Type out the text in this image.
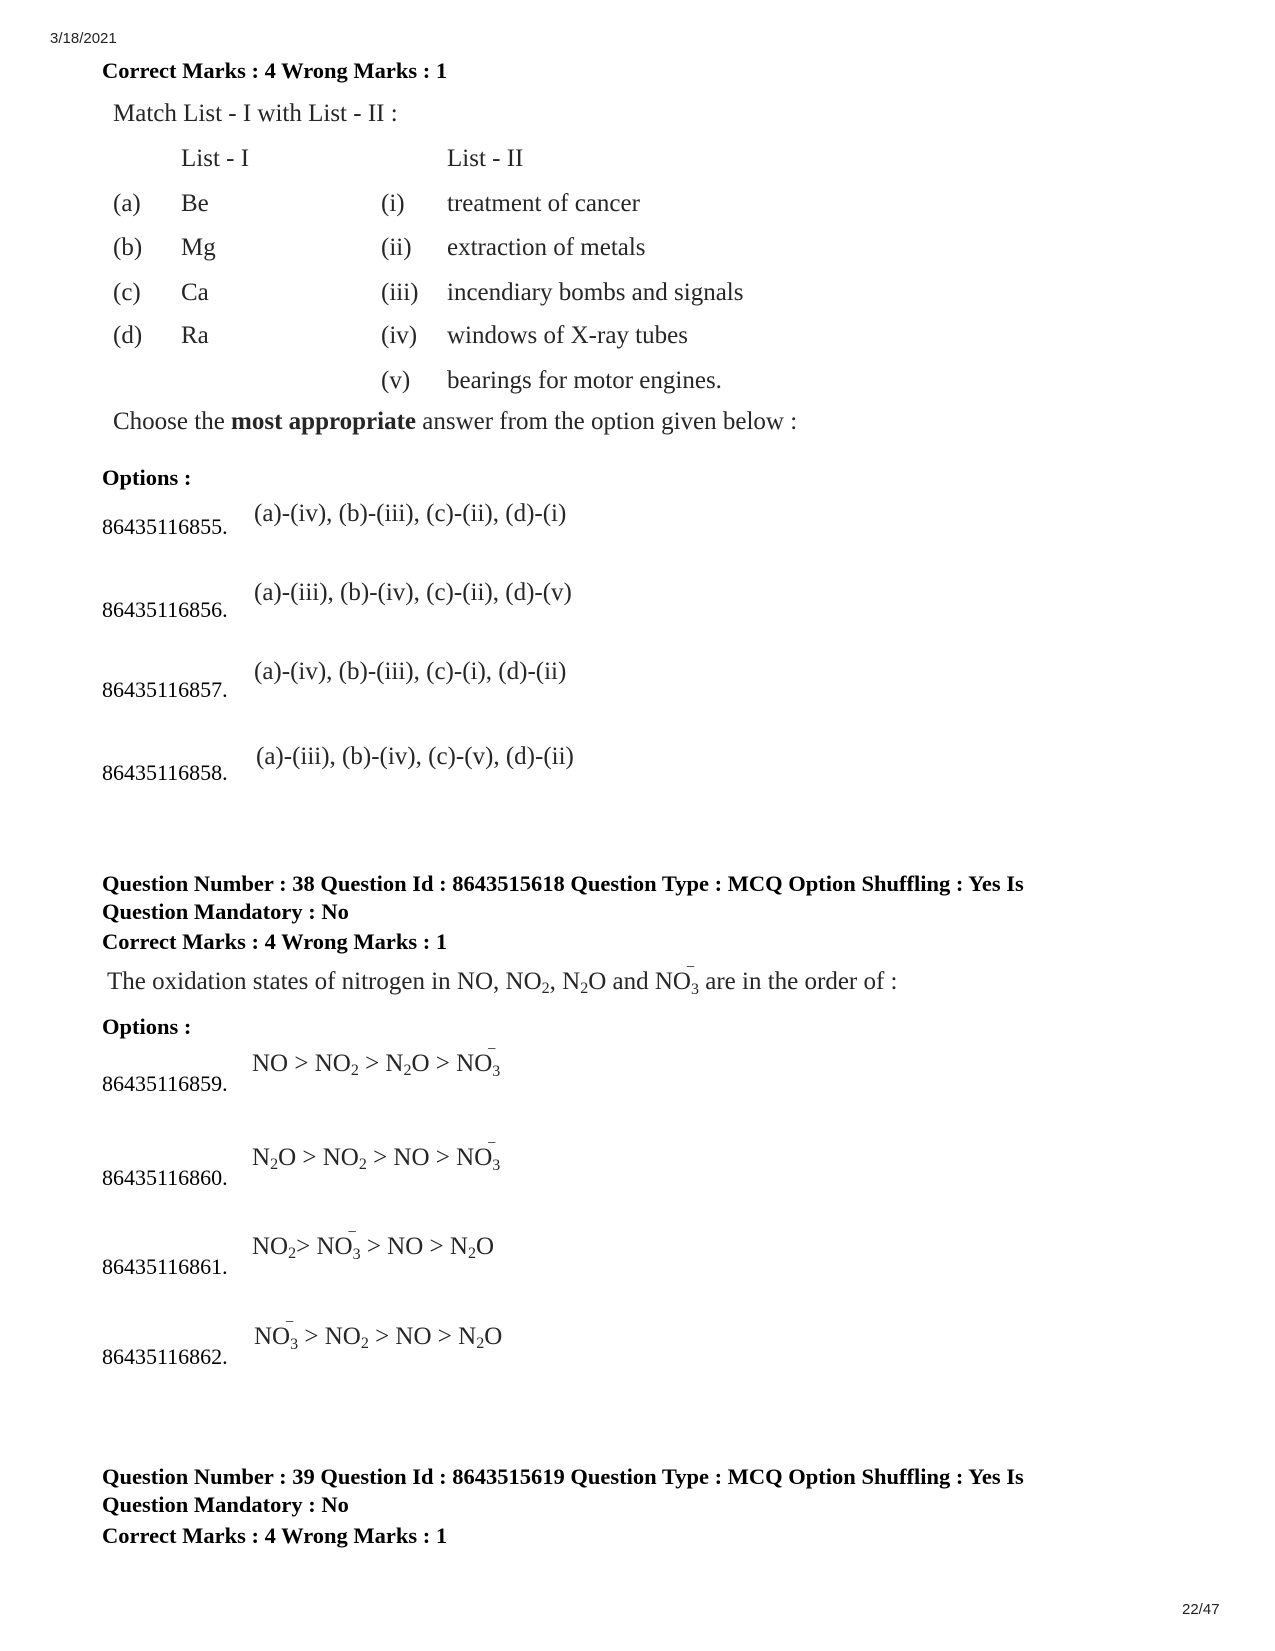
3/18/2021
Correct Marks : 4 Wrong Marks : 1
Match List - I with List - II :
List - I	List - II
(a) Be
(b) Mg
(c) Ca
(d) Ra
(i) treatment of cancer
(ii) extraction of metals
(iii) incendiary bombs and signals
(iv) windows of X-ray tubes
(v) bearings for motor engines.
Choose the most appropriate answer from the option given below :
Options :
86435116855. (a)-(iv), (b)-(iii), (c)-(ii), (d)-(i)
86435116856.
(a)-(iii), (b)-(iv), (c)-(ii), (d)-(v)
86435116857.
(a)-(iv), (b)-(iii), (c)-(i), (d)-(ii)
86435116858.
(a)-(iii), (b)-(iv), (c)-(v), (d)-(ii)
Question Number : 38 Question Id : 8643515618 Question Type : MCQ Option Shuffling : Yes Is
Question Mandatory : No
Correct Marks : 4 Wrong Marks : 1
The oxidation states of nitrogen in NO, $NO_2$, $N_2O$ and $NO_3$
−
are in the order of :
Options :
86435116859.
NO > $NO_2 > N_2O > NO_3$
−
86435116860.
$N_2O > NO_2$ > NO > $NO_3$
−
86435116861.
$NO_2> NO_3$
−
> NO > $N_2O$
86435116862.
$NO_3$
−
> $NO_2$ > NO > $N_2O$
Question Number : 39 Question Id : 8643515619 Question Type : MCQ Option Shuffling : Yes Is
Question Mandatory : No
Correct Marks : 4 Wrong Marks : 1
22/47
